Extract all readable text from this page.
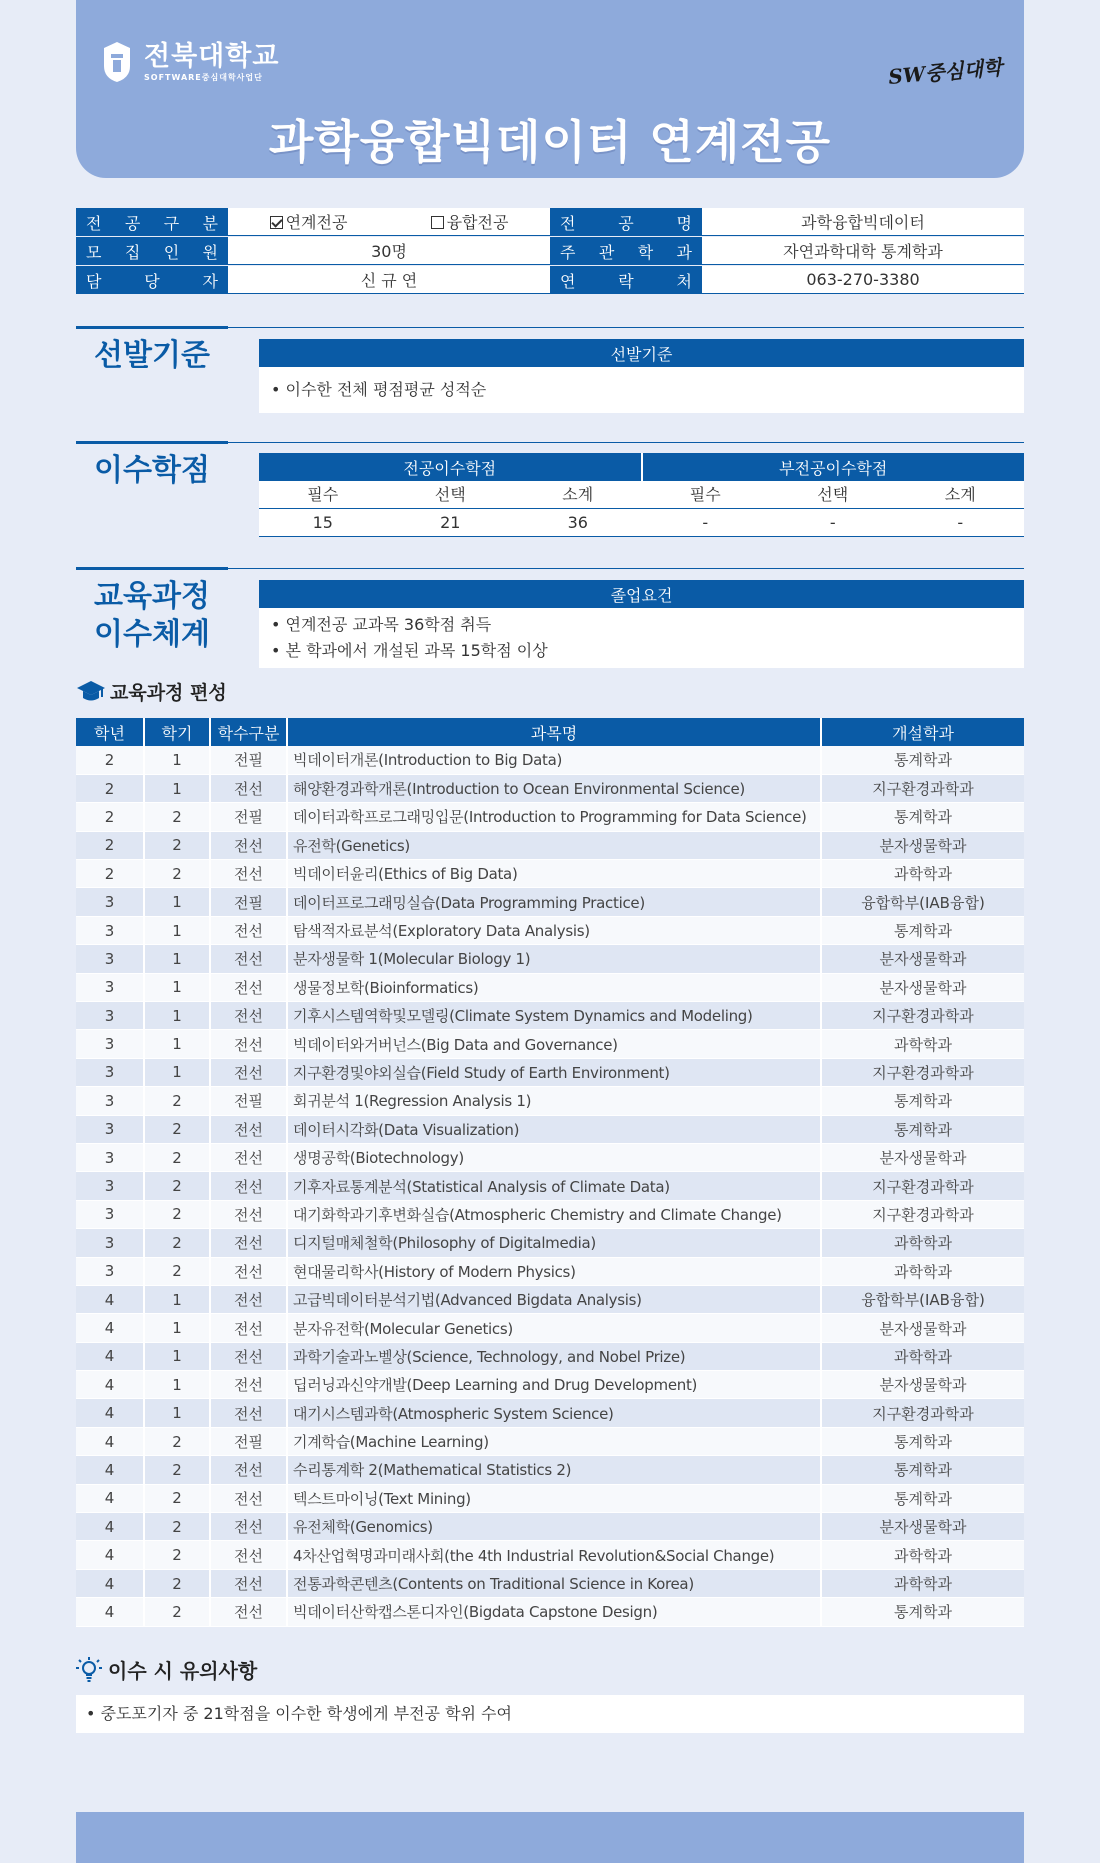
전북대학교
SOFTWARE중심대학사업단	SW중심대학
과학융합빅데이터 연계전공
전 공 구 분	연계전공	융합전공	전	공	명	과학융합빅데이터
모 집 인 원	30명	주 관 학 과	자연과학대학 통계학과
담	당	자	신 규 연	연	락	처	063-270-3380
선발기준	선발기준
• 이수한 전체 평점평균 성적순
이수학점	전공이수학점	부전공이수학점
필수	선택	소계	필수	선택	소계
15	21	36	-	-	-
교육과정
이수체계
졸업요건
• 연계전공 교과목 36학점 취득
• 본 학과에서 개설된 과목 15학점 이상
교육과정 편성
학년	학기	학수구분	과목명	개설학과
2	1	전필	빅데이터개론(Introduction to Big Data)	통계학과
2	1	전선	해양환경과학개론(Introduction to Ocean Environmental Science)	지구환경과학과
2	2	전필	데이터과학프로그래밍입문(Introduction to Programming for Data Science)	통계학과
2	2	전선	유전학(Genetics)	분자생물학과
2	2	전선	빅데이터윤리(Ethics of Big Data)	과학학과
3	1	전필	데이터프로그래밍실습(Data Programming Practice)	융합학부(IAB융합)
3	1	전선	탐색적자료분석(Exploratory Data Analysis)	통계학과
3	1	전선	분자생물학 1(Molecular Biology 1)	분자생물학과
3	1	전선	생물정보학(Bioinformatics)	분자생물학과
3	1	전선	기후시스템역학및모델링(Climate System Dynamics and Modeling)	지구환경과학과
3	1	전선	빅데이터와거버넌스(Big Data and Governance)	과학학과
3	1	전선	지구환경및야외실습(Field Study of Earth Environment)	지구환경과학과
3	2	전필	회귀분석 1(Regression Analysis 1)	통계학과
3	2	전선	데이터시각화(Data Visualization)	통계학과
3	2	전선	생명공학(Biotechnology)	분자생물학과
3	2	전선	기후자료통계분석(Statistical Analysis of Climate Data)	지구환경과학과
3	2	전선	대기화학과기후변화실습(Atmospheric Chemistry and Climate Change)	지구환경과학과
3	2	전선	디지털매체철학(Philosophy of Digitalmedia)	과학학과
3	2	전선	현대물리학사(History of Modern Physics)	과학학과
4	1	전선	고급빅데이터분석기법(Advanced Bigdata Analysis)	융합학부(IAB융합)
4	1	전선	분자유전학(Molecular Genetics)	분자생물학과
4	1	전선	과학기술과노벨상(Science, Technology, and Nobel Prize)	과학학과
4	1	전선	딥러닝과신약개발(Deep Learning and Drug Development)	분자생물학과
4	1	전선	대기시스템과학(Atmospheric System Science)	지구환경과학과
4	2	전필	기계학습(Machine Learning)	통계학과
4	2	전선	수리통계학 2(Mathematical Statistics 2)	통계학과
4	2	전선	텍스트마이닝(Text Mining)	통계학과
4	2	전선	유전체학(Genomics)	분자생물학과
4	2	전선	4차산업혁명과미래사회(the 4th Industrial Revolution&Social Change)	과학학과
4	2	전선	전통과학콘텐츠(Contents on Traditional Science in Korea)	과학학과
4	2	전선	빅데이터산학캡스톤디자인(Bigdata Capstone Design)	통계학과
이수 시 유의사항
• 중도포기자 중 21학점을 이수한 학생에게 부전공 학위 수여
